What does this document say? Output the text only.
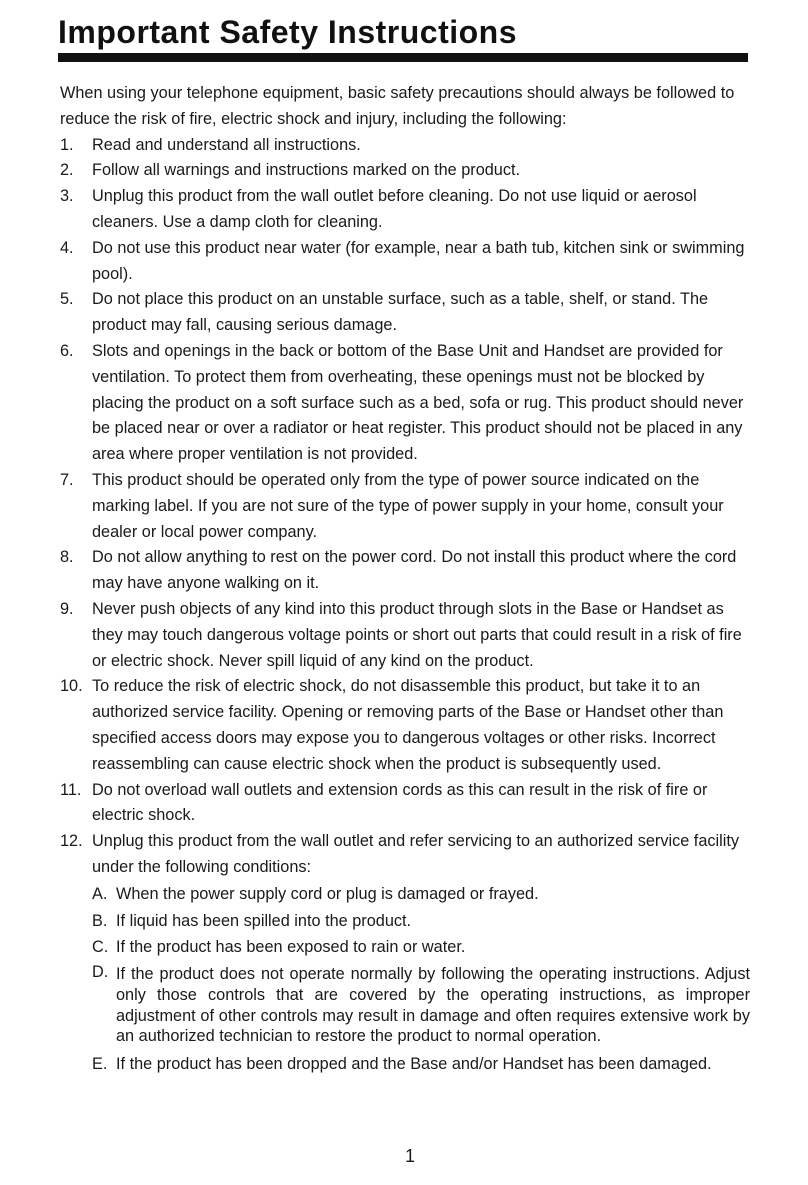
Important Safety Instructions

When using your telephone equipment, basic safety precautions should always be followed to reduce the risk of fire, electric shock and injury, including the following:

1. Read and understand all instructions.
2. Follow all warnings and instructions marked on the product.
3. Unplug this product from the wall outlet before cleaning. Do not use liquid or aerosol cleaners. Use a damp cloth for cleaning.
4. Do not use this product near water (for example, near a bath tub, kitchen sink or swimming pool).
5. Do not place this product on an unstable surface, such as a table, shelf, or stand. The product may fall, causing serious damage.
6. Slots and openings in the back or bottom of the Base Unit and Handset are provided for ventilation. To protect them from overheating, these openings must not be blocked by placing the product on a soft surface such as a bed, sofa or rug. This product should never be placed near or over a radiator or heat register. This product should not be placed in any area where proper ventilation is not provided.
7. This product should be operated only from the type of power source indicated on the marking label. If you are not sure of the type of power supply in your home, consult your dealer or local power company.
8. Do not allow anything to rest on the power cord. Do not install this product where the cord may have anyone walking on it.
9. Never push objects of any kind into this product through slots in the Base or Handset as they may touch dangerous voltage points or short out parts that could result in a risk of fire or electric shock. Never spill liquid of any kind on the product.
10. To reduce the risk of electric shock, do not disassemble this product, but take it to an authorized service facility. Opening or removing parts of the Base or Handset other than specified access doors may expose you to dangerous voltages or other risks. Incorrect reassembling can cause electric shock when the product is subsequently used.
11. Do not overload wall outlets and extension cords as this can result in the risk of fire or electric shock.
12. Unplug this product from the wall outlet and refer servicing to an authorized service facility under the following conditions:
A. When the power supply cord or plug is damaged or frayed.
B. If liquid has been spilled into the product.
C. If the product has been exposed to rain or water.
D. If the product does not operate normally by following the operating instructions. Adjust only those controls that are covered by the operating instructions, as improper adjustment of other controls may result in damage and often requires extensive work by an authorized technician to restore the product to normal operation.
E. If the product has been dropped and the Base and/or Handset has been damaged.
1
